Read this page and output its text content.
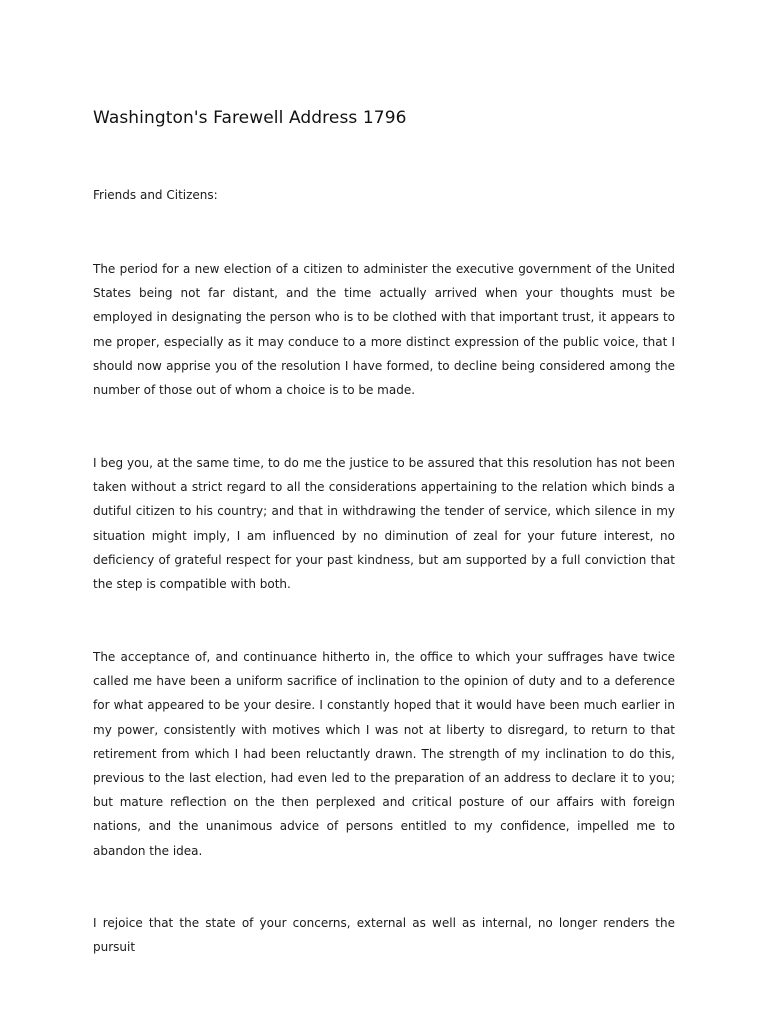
Washington's Farewell Address 1796

Friends and Citizens:

The period for a new election of a citizen to administer the executive government of the United States being not far distant, and the time actually arrived when your thoughts must be employed in designating the person who is to be clothed with that important trust, it appears to me proper, especially as it may conduce to a more distinct expression of the public voice, that I should now apprise you of the resolution I have formed, to decline being considered among the number of those out of whom a choice is to be made.

I beg you, at the same time, to do me the justice to be assured that this resolution has not been taken without a strict regard to all the considerations appertaining to the relation which binds a dutiful citizen to his country; and that in withdrawing the tender of service, which silence in my situation might imply, I am influenced by no diminution of zeal for your future interest, no deficiency of grateful respect for your past kindness, but am supported by a full conviction that the step is compatible with both.

The acceptance of, and continuance hitherto in, the office to which your suffrages have twice called me have been a uniform sacrifice of inclination to the opinion of duty and to a deference for what appeared to be your desire. I constantly hoped that it would have been much earlier in my power, consistently with motives which I was not at liberty to disregard, to return to that retirement from which I had been reluctantly drawn. The strength of my inclination to do this, previous to the last election, had even led to the preparation of an address to declare it to you; but mature reflection on the then perplexed and critical posture of our affairs with foreign nations, and the unanimous advice of persons entitled to my confidence, impelled me to abandon the idea.

I rejoice that the state of your concerns, external as well as internal, no longer renders the pursuit
